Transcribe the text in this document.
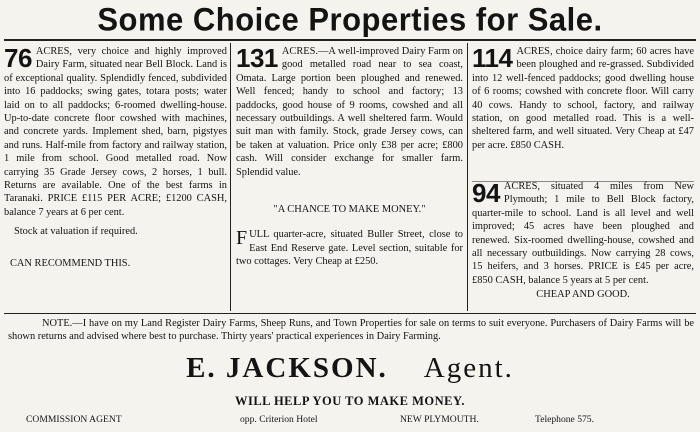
Some Choice Properties for Sale.

76 ACRES, very choice and highly improved Dairy Farm, situated near Bell Block. Land is of exceptional quality. Splendidly fenced, subdivided into 16 paddocks; swing gates, totara posts; water laid on to all paddocks; 6-roomed dwelling-house. Up-to-date concrete floor cowshed with machines, and concrete yards. Implement shed, barn, pigstyes and runs. Half-mile from factory and railway station, 1 mile from school. Good metalled road. Now carrying 35 Grade Jersey cows, 2 horses, 1 bull. Returns are available. One of the best farms in Taranaki. PRICE £115 PER ACRE; £1200 CASH, balance 7 years at 6 per cent.

Stock at valuation if required.

CAN RECOMMEND THIS.

131 ACRES.—A well-improved Dairy Farm on good metalled road near to sea coast, Omata. Large portion been ploughed and renewed. Well fenced; handy to school and factory; 13 paddocks, good house of 9 rooms, cowshed and all necessary outbuildings. A well sheltered farm. Would suit man with family. Stock, grade Jersey cows, can be taken at valuation. Price only £38 per acre; £800 cash. Will consider exchange for smaller farm. Splendid value.

"A CHANCE TO MAKE MONEY."

F ULL quarter-acre, situated Buller Street, close to East End Reserve gate. Level section, suitable for two cottages. Very Cheap at £250.

114 ACRES, choice dairy farm; 60 acres have been ploughed and re-grassed. Subdivided into 12 well-fenced paddocks; good dwelling house of 6 rooms; cowshed with concrete floor. Will carry 40 cows. Handy to school, factory, and railway station, on good metalled road. This is a well-sheltered farm, and well situated. Very Cheap at £47 per acre. £850 CASH.

94 ACRES, situated 4 miles from New Plymouth; 1 mile to Bell Block factory, quarter-mile to school. Land is all level and well improved; 45 acres have been ploughed and renewed. Six-roomed dwelling-house, cowshed and all necessary outbuildings. Now carrying 28 cows, 15 heifers, and 3 horses. PRICE is £45 per acre, £850 CASH, balance 5 years at 5 per cent.

CHEAP AND GOOD.

NOTE.—I have on my Land Register Dairy Farms, Sheep Runs, and Town Properties for sale on terms to suit everyone. Purchasers of Dairy Farms will be shown returns and advised where best to purchase. Thirty years' practical experiences in Dairy Farming.
E. JACKSON. Agent.
WILL HELP YOU TO MAKE MONEY.
COMMISSION AGENT	opp. Criterion Hotel	NEW PLYMOUTH.	Telephone 575.
